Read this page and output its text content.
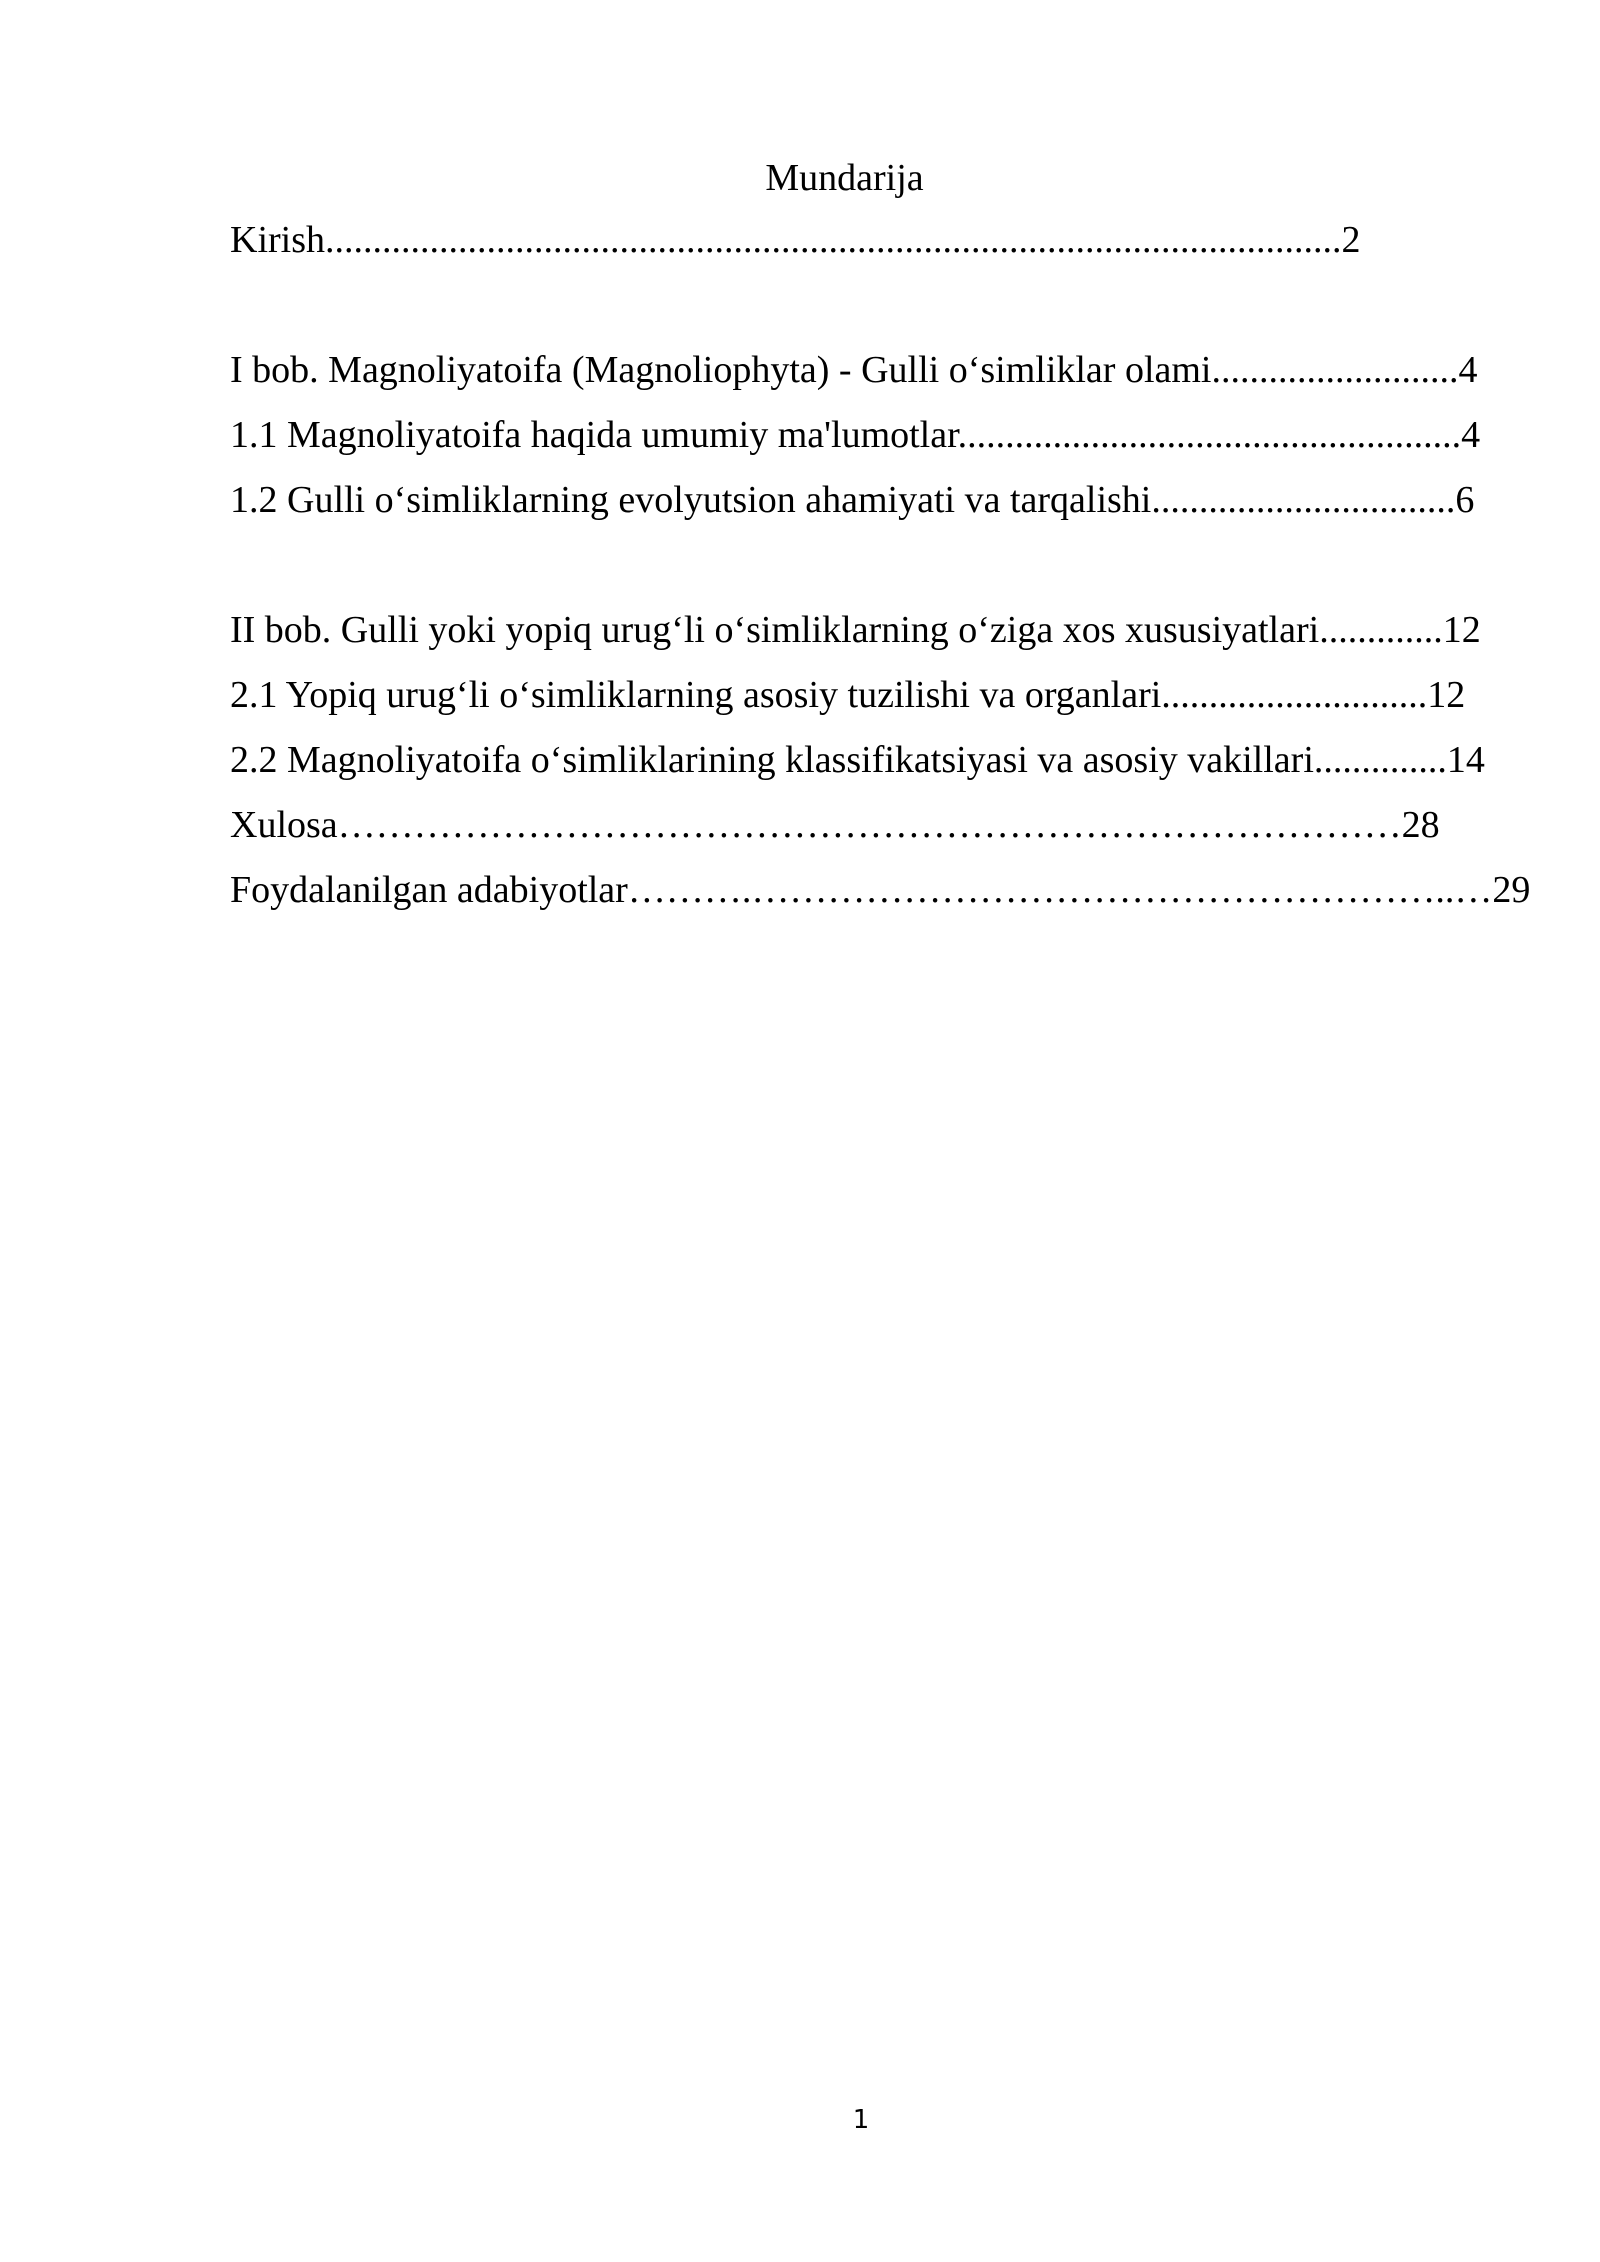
Mundarija
Kirish...........................................................................................................2
I bob. Magnoliyatoifa (Magnoliophyta) - Gulli o‘simliklar olami..........................4
1.1 Magnoliyatoifa haqida umumiy ma'lumotlar.....................................................4
1.2 Gulli o‘simliklarning evolyutsion ahamiyati va tarqalishi................................6
II bob. Gulli yoki yopiq urug‘li o‘simliklarning o‘ziga xos xususiyatlari.............12
2.1 Yopiq urug‘li o‘simliklarning asosiy tuzilishi va organlari............................12
2.2 Magnoliyatoifa o‘simliklarining klassifikatsiyasi va asosiy vakillari..............14
Xulosa…………………………………………………………………………28
Foydalanilgan adabiyotlar……….………………………………………………..…29
1
